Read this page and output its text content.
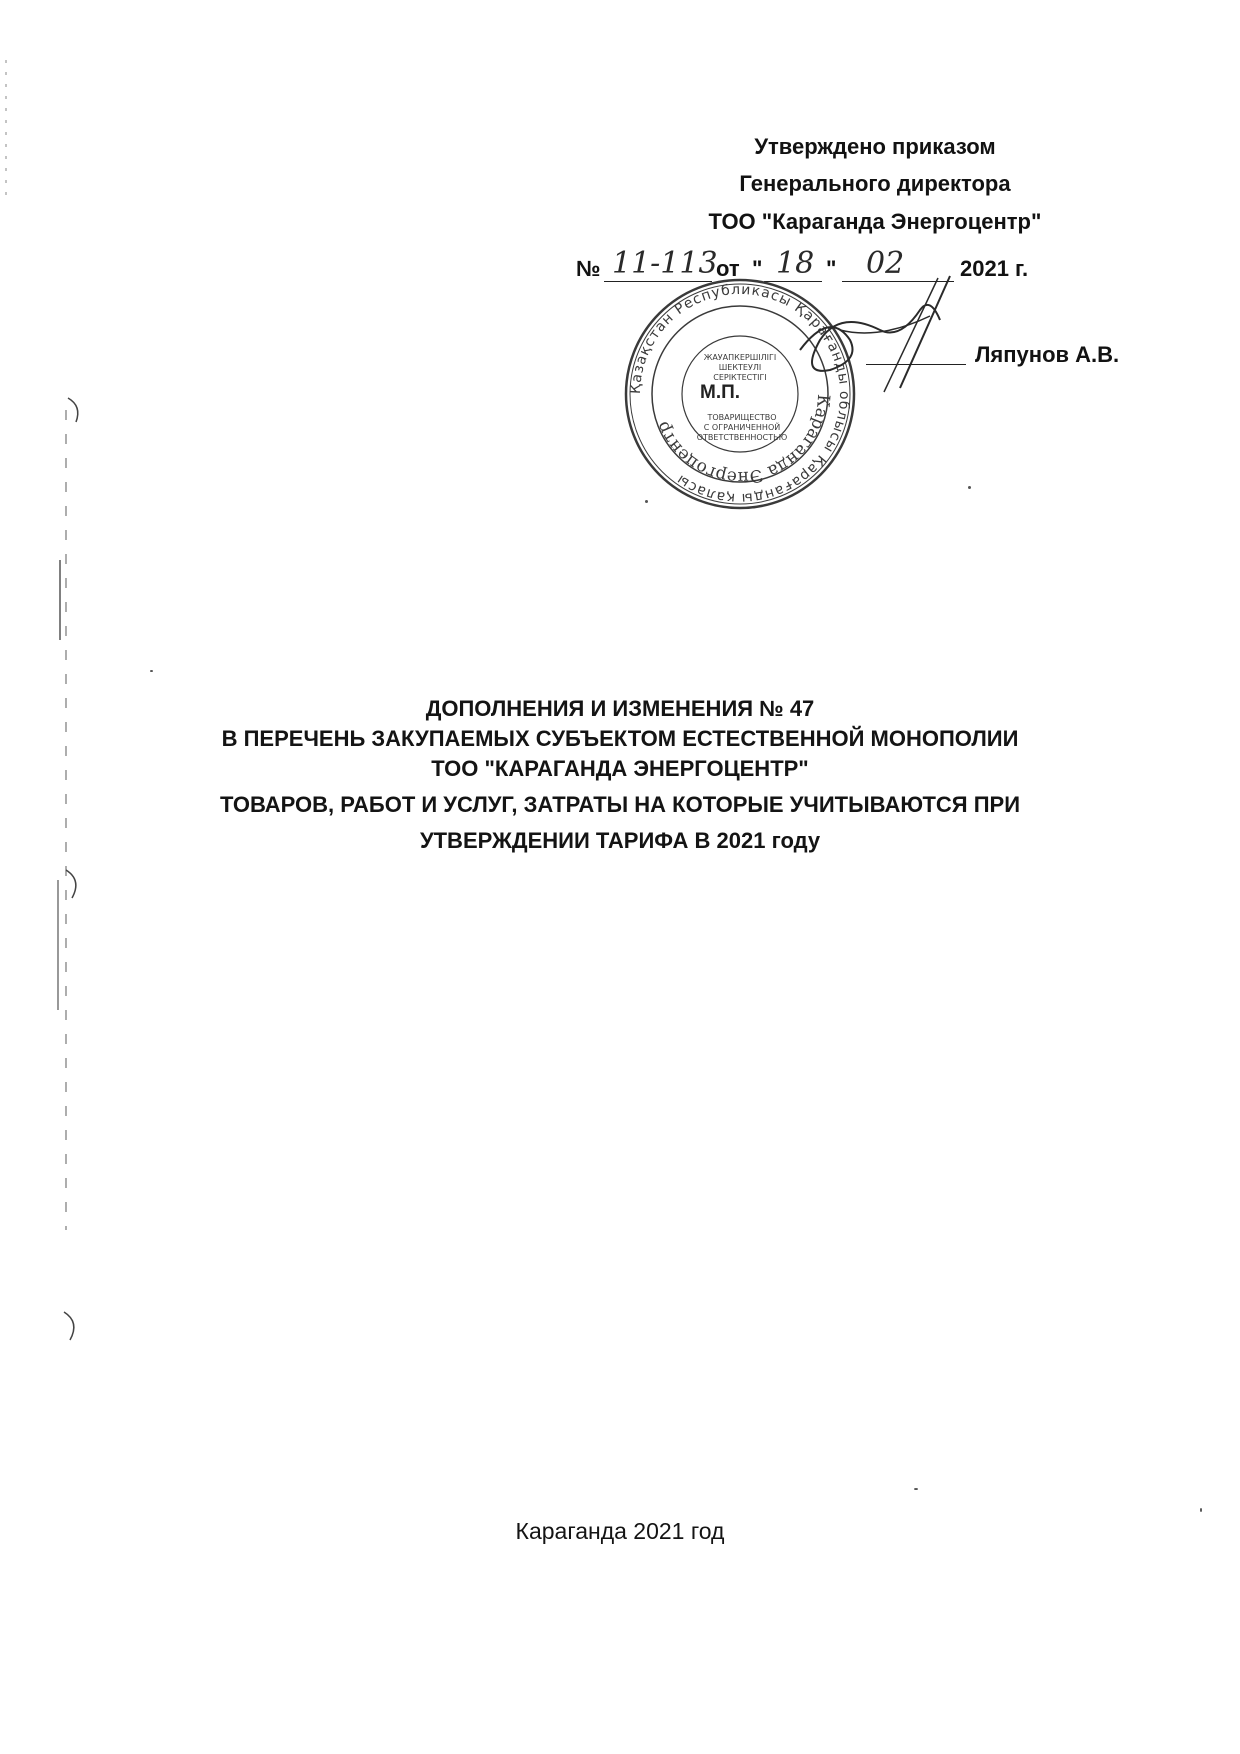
Утверждено приказом
Генерального директора
ТОО "Караганда Энергоцентр"
№ 11-113
от " 18 " 02	2021 г.
Қазақстан Республикасы Қарағанды облысы Қарағанды қаласы
Караганда Энергоцентр
ЖАУАПКЕРШІЛІГІ
ШЕКТЕУЛІ
СЕРІКТЕСТІГІ
ТОВАРИЩЕСТВО
С ОГРАНИЧЕННОЙ
ОТВЕТСТВЕННОСТЬЮ
М.П.
Ляпунов А.В.
ДОПОЛНЕНИЯ И ИЗМЕНЕНИЯ № 47
В ПЕРЕЧЕНЬ ЗАКУПАЕМЫХ СУБЪЕКТОМ ЕСТЕСТВЕННОЙ МОНОПОЛИИ
ТОО "КАРАГАНДА ЭНЕРГОЦЕНТР"
ТОВАРОВ, РАБОТ И УСЛУГ, ЗАТРАТЫ НА КОТОРЫЕ УЧИТЫВАЮТСЯ ПРИ
УТВЕРЖДЕНИИ ТАРИФА В 2021 году
Караганда 2021 год
